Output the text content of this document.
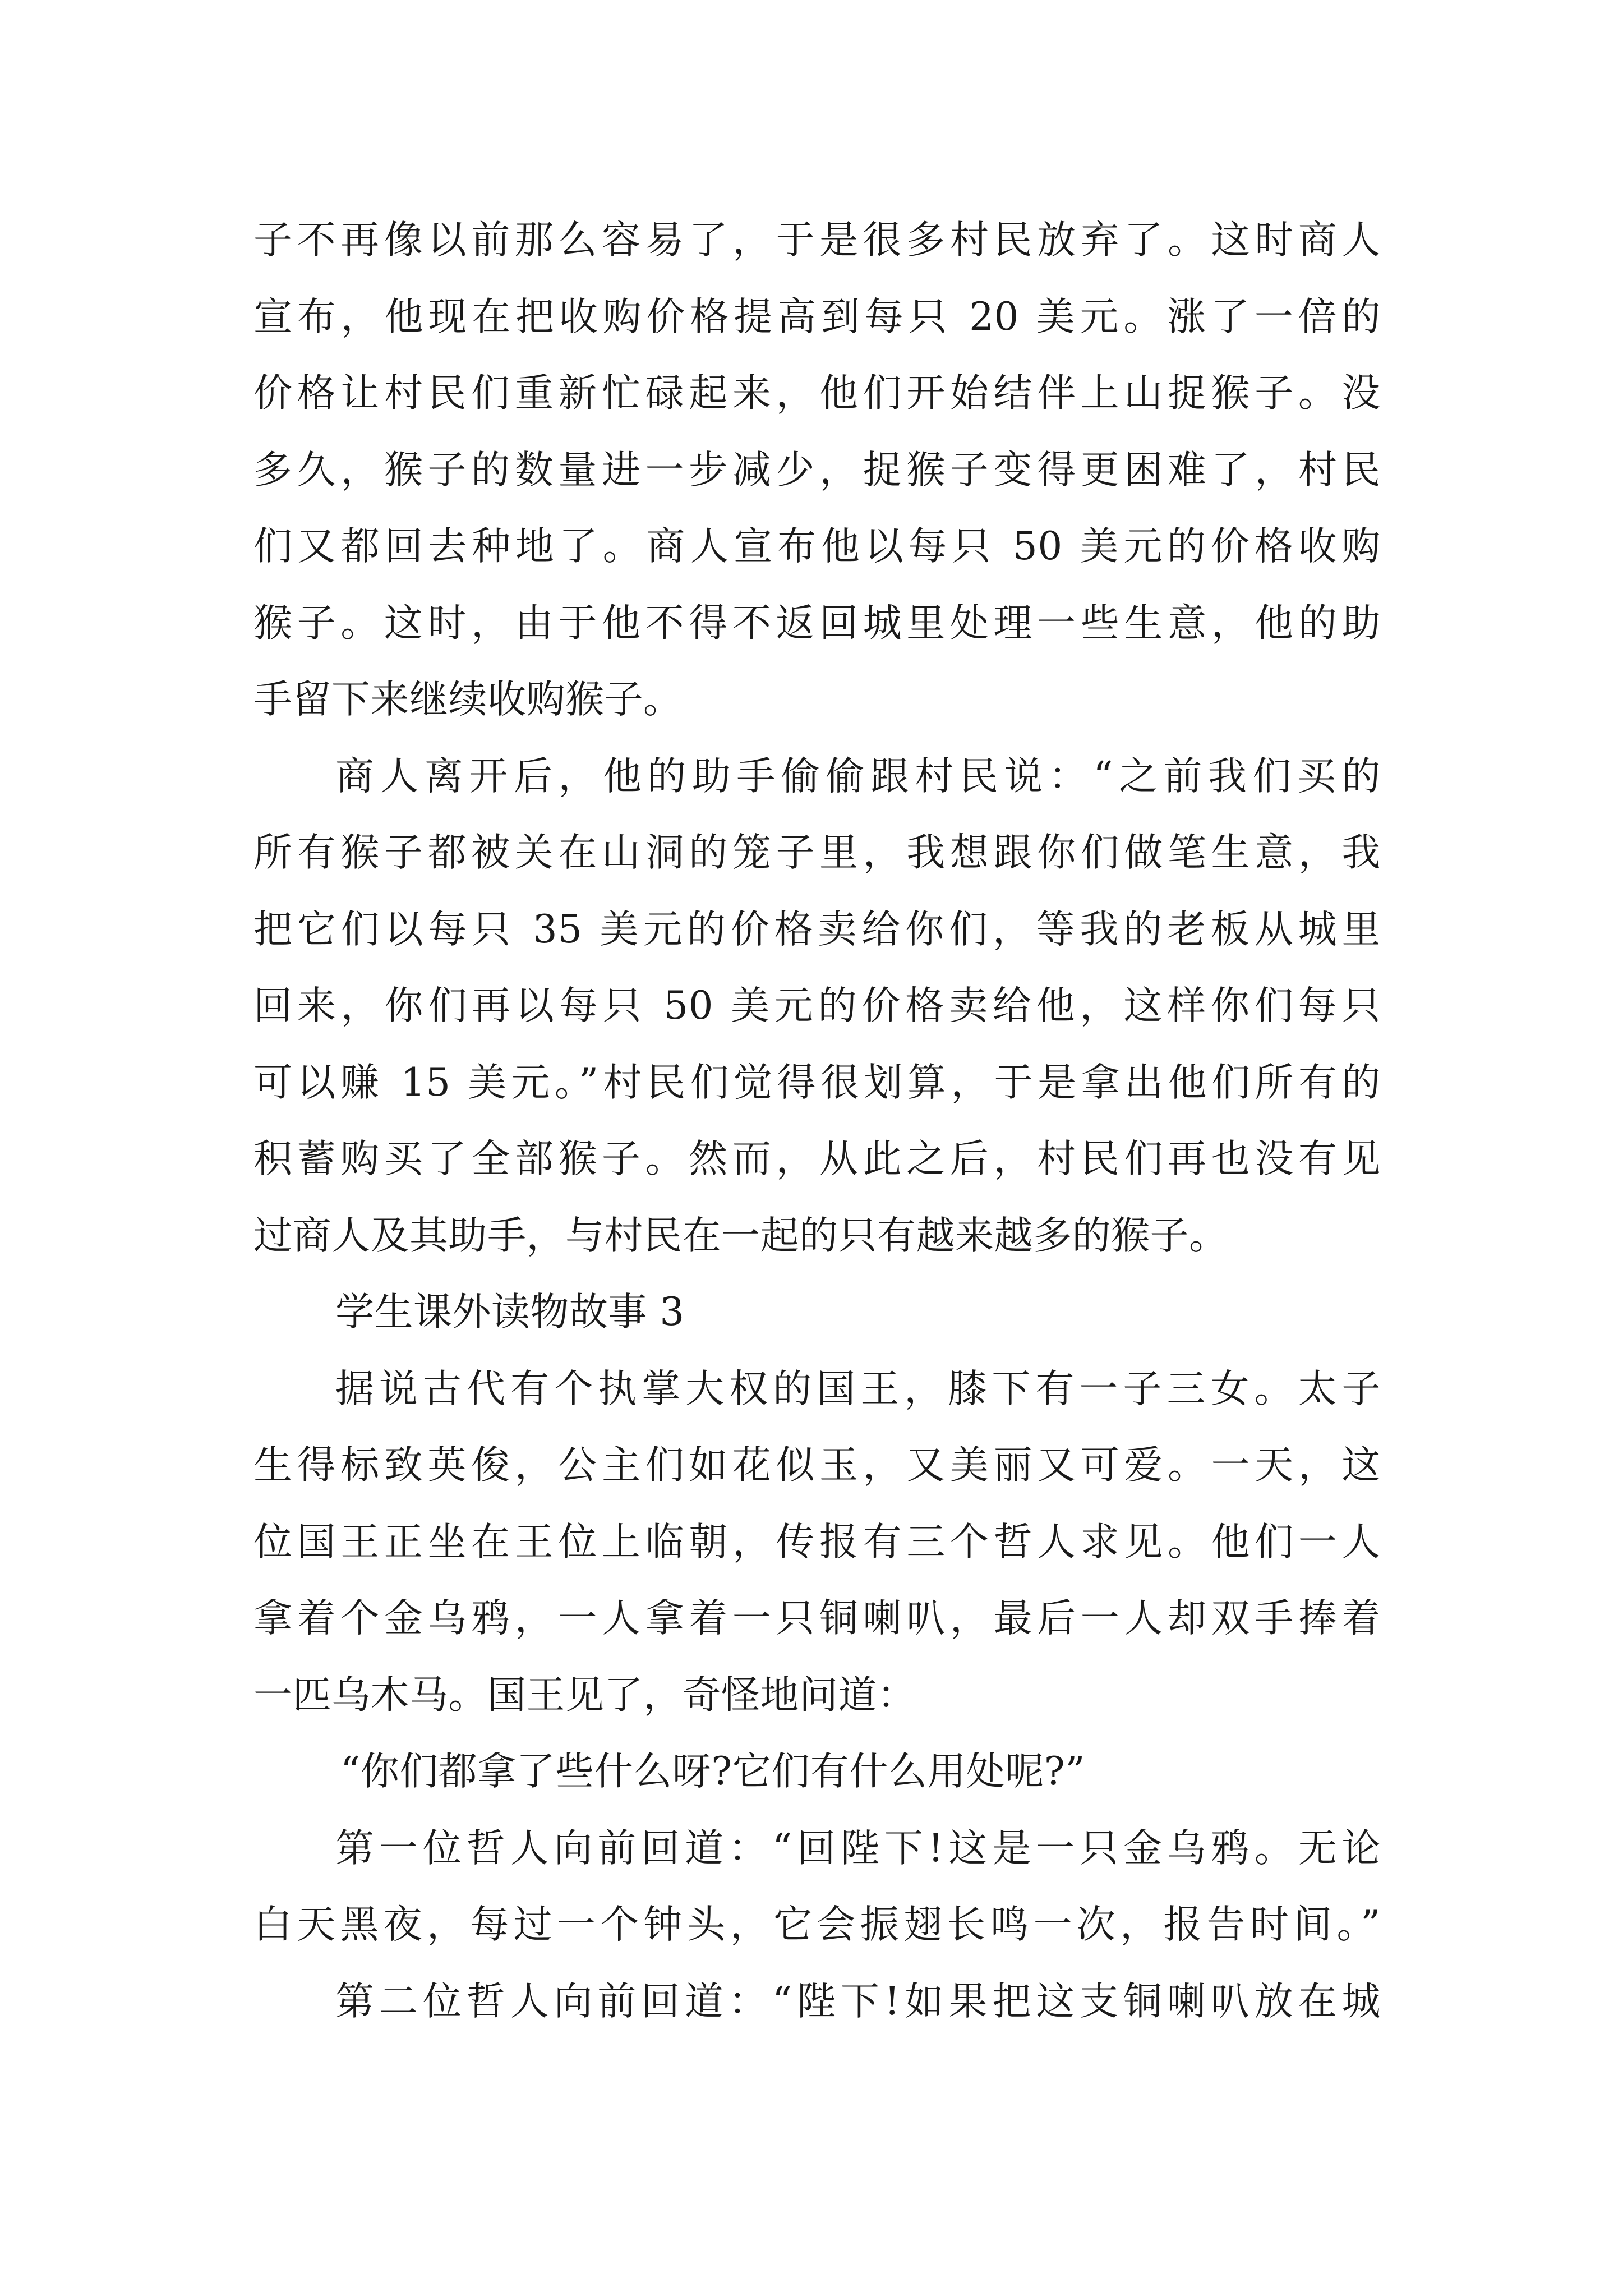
子不再像以前那么容易了，于是很多村民放弃了。这时商人
宣布，他现在把收购价格提高到每只 20 美元。涨了一倍的
价格让村民们重新忙碌起来，他们开始结伴上山捉猴子。没
多久，猴子的数量进一步减少，捉猴子变得更困难了，村民
们又都回去种地了。商人宣布他以每只 50 美元的价格收购
猴子。这时，由于他不得不返回城里处理一些生意，他的助
手留下来继续收购猴子。
商人离开后，他的助手偷偷跟村民说：“之前我们买的
所有猴子都被关在山洞的笼子里，我想跟你们做笔生意，我
把它们以每只 35 美元的价格卖给你们，等我的老板从城里
回来，你们再以每只 50 美元的价格卖给他，这样你们每只
可以赚 15 美元。”村民们觉得很划算，于是拿出他们所有的
积蓄购买了全部猴子。然而，从此之后，村民们再也没有见
过商人及其助手，与村民在一起的只有越来越多的猴子。
学生课外读物故事 3
据说古代有个执掌大权的国王，膝下有一子三女。太子
生得标致英俊，公主们如花似玉，又美丽又可爱。一天，这
位国王正坐在王位上临朝，传报有三个哲人求见。他们一人
拿着个金乌鸦，一人拿着一只铜喇叭，最后一人却双手捧着
一匹乌木马。国王见了，奇怪地问道：
“你们都拿了些什么呀?它们有什么用处呢?”
第一位哲人向前回道：“回陛下!这是一只金乌鸦。无论
白天黑夜，每过一个钟头，它会振翅长鸣一次，报告时间。”
第二位哲人向前回道：“陛下!如果把这支铜喇叭放在城
